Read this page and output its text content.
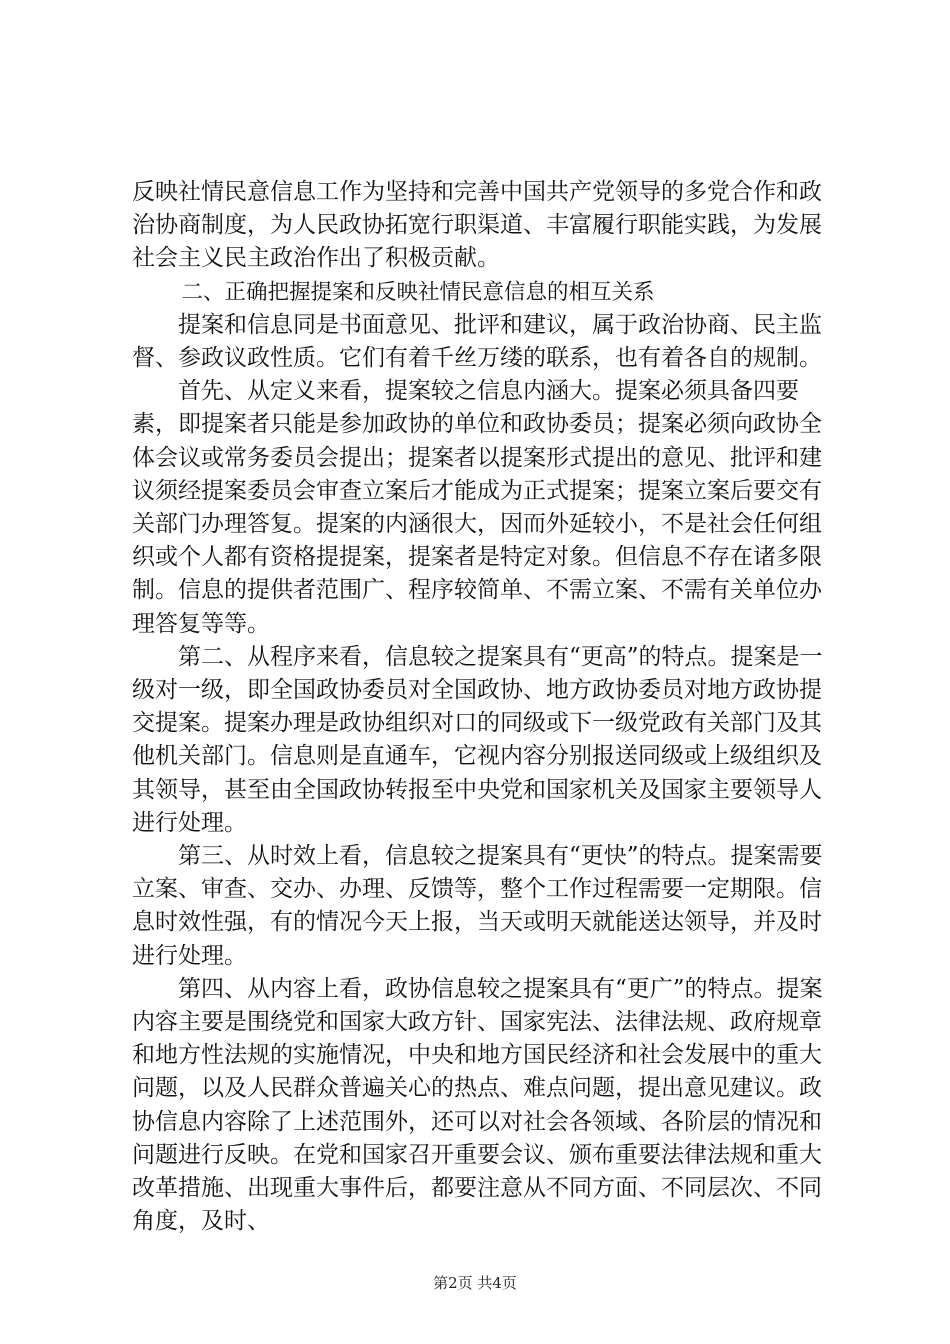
反映社情民意信息工作为坚持和完善中国共产党领导的多党合作和政治协商制度，为人民政协拓宽行职渠道、丰富履行职能实践，为发展社会主义民主政治作出了积极贡献。

二、正确把握提案和反映社情民意信息的相互关系

提案和信息同是书面意见、批评和建议，属于政治协商、民主监督、参政议政性质。它们有着千丝万缕的联系，也有着各自的规制。

首先、从定义来看，提案较之信息内涵大。提案必须具备四要素，即提案者只能是参加政协的单位和政协委员；提案必须向政协全体会议或常务委员会提出；提案者以提案形式提出的意见、批评和建议须经提案委员会审查立案后才能成为正式提案；提案立案后要交有关部门办理答复。提案的内涵很大，因而外延较小，不是社会任何组织或个人都有资格提提案，提案者是特定对象。但信息不存在诸多限制。信息的提供者范围广、程序较简单、不需立案、不需有关单位办理答复等等。

第二、从程序来看，信息较之提案具有“更高”的特点。提案是一级对一级，即全国政协委员对全国政协、地方政协委员对地方政协提交提案。提案办理是政协组织对口的同级或下一级党政有关部门及其他机关部门。信息则是直通车，它视内容分别报送同级或上级组织及其领导，甚至由全国政协转报至中央党和国家机关及国家主要领导人进行处理。

第三、从时效上看，信息较之提案具有“更快”的特点。提案需要立案、审查、交办、办理、反馈等，整个工作过程需要一定期限。信息时效性强，有的情况今天上报，当天或明天就能送达领导，并及时进行处理。

第四、从内容上看，政协信息较之提案具有“更广”的特点。提案内容主要是围绕党和国家大政方针、国家宪法、法律法规、政府规章和地方性法规的实施情况，中央和地方国民经济和社会发展中的重大问题，以及人民群众普遍关心的热点、难点问题，提出意见建议。政协信息内容除了上述范围外，还可以对社会各领域、各阶层的情况和问题进行反映。在党和国家召开重要会议、颁布重要法律法规和重大改革措施、出现重大事件后，都要注意从不同方面、不同层次、不同角度，及时、

第2页 共4页
